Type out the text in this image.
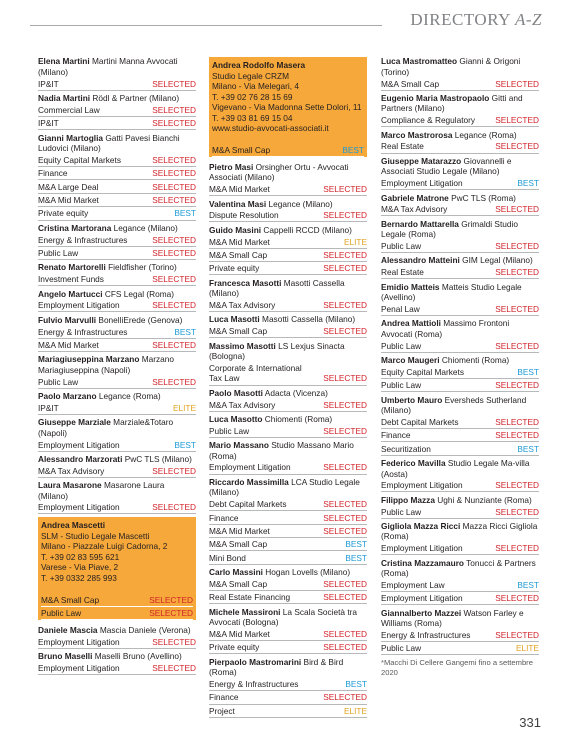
DIRECTORY A-Z
Elena Martini Martini Manna Avvocati (Milano)
IP&IT	SELECTED
Nadia Martini Rödl & Partner (Milano)
Commercial Law	SELECTED
IP&IT	SELECTED
Gianni Martoglia Gatti Pavesi Bianchi Ludovici (Milano)
Equity Capital Markets	SELECTED
Finance	SELECTED
M&A Large Deal	SELECTED
M&A Mid Market	SELECTED
Private equity	BEST
Cristina Martorana Legance (Milano)
Energy & Infrastructures	SELECTED
Public Law	SELECTED
Renato Martorelli Fieldfisher (Torino)
Investment Funds	SELECTED
Angelo Martucci CFS Legal (Roma)
Employment Litigation	SELECTED
Fulvio Marvulli BonelliErede (Genova)
Energy & Infrastructures	BEST
M&A Mid Market	SELECTED
Mariagiuseppina Marzano Marzano Mariagiuseppina (Napoli)
Public Law	SELECTED
Paolo Marzano Legance (Roma)
IP&IT	ELITE
Giuseppe Marziale Marziale&Totaro (Napoli)
Employment Litigation	BEST
Alessandro Marzorati PwC TLS (Milano)
M&A Tax Advisory	SELECTED
Laura Masarone Masarone Laura (Milano)
Employment Litigation	SELECTED
Andrea Mascetti
SLM - Studio Legale Mascetti
Milano - Piazzale Luigi Cadorna, 2
T. +39 02 83 595 621
Varese - Via Piave, 2
T. +39 0332 285 993
M&A Small Cap	SELECTED
Public Law	SELECTED
Daniele Mascia Mascia Daniele (Verona)
Employment Litigation	SELECTED
Bruno Maselli Maselli Bruno (Avellino)
Employment Litigation	SELECTED
Andrea Rodolfo Masera
Studio Legale CRZM
Milano - Via Melegari, 4
T. +39 02 76 28 15 69
Vigevano - Via Madonna Sette Dolori, 11
T. +39 03 81 69 15 04
www.studio-avvocati-associati.it
M&A Small Cap	BEST
Pietro Masi Orsingher Ortu - Avvocati Associati (Milano)
M&A Mid Market	SELECTED
Valentina Masi Legance (Milano)
Dispute Resolution	SELECTED
Guido Masini Cappelli RCCD (Milano)
M&A Mid Market	ELITE
M&A Small Cap	SELECTED
Private equity	SELECTED
Francesca Masotti Masotti Cassella (Milano)
M&A Tax Advisory	SELECTED
Luca Masotti Masotti Cassella (Milano)
M&A Small Cap	SELECTED
Massimo Masotti LS Lexjus Sinacta (Bologna)
Corporate & International Tax Law	SELECTED
Paolo Masotti Adacta (Vicenza)
M&A Tax Advisory	SELECTED
Luca Masotto Chiomenti (Roma)
Public Law	SELECTED
Mario Massano Studio Massano Mario (Roma)
Employment Litigation	SELECTED
Riccardo Massimilla LCA Studio Legale (Milano)
Debt Capital Markets	SELECTED
Finance	SELECTED
M&A Mid Market	SELECTED
M&A Small Cap	BEST
Mini Bond	BEST
Carlo Massini Hogan Lovells (Milano)
M&A Small Cap	SELECTED
Real Estate Financing	SELECTED
Michele Massironi La Scala Società tra Avvocati (Bologna)
M&A Mid Market	SELECTED
Private equity	SELECTED
Pierpaolo Mastromarini Bird & Bird (Roma)
Energy & Infrastructures	BEST
Finance	SELECTED
Project	ELITE
Luca Mastromatteo Gianni & Origoni (Torino)
M&A Small Cap	SELECTED
Eugenio Maria Mastropaolo Gitti and Partners (Milano)
Compliance & Regulatory	SELECTED
Marco Mastrorosa Legance (Roma)
Real Estate	SELECTED
Giuseppe Matarazzo Giovannelli e Associati Studio Legale (Milano)
Employment Litigation	BEST
Gabriele Matrone PwC TLS (Roma)
M&A Tax Advisory	SELECTED
Bernardo Mattarella Grimaldi Studio Legale (Roma)
Public Law	SELECTED
Alessandro Matteini GIM Legal (Milano)
Real Estate	SELECTED
Emidio Matteis Matteis Studio Legale (Avellino)
Penal Law	SELECTED
Andrea Mattioli Massimo Frontoni Avvocati (Roma)
Public Law	SELECTED
Marco Maugeri Chiomenti (Roma)
Equity Capital Markets	BEST
Public Law	SELECTED
Umberto Mauro Eversheds Sutherland (Milano)
Debt Capital Markets	SELECTED
Finance	SELECTED
Securitization	BEST
Federico Mavilla Studio Legale Ma-villa (Aosta)
Employment Litigation	SELECTED
Filippo Mazza Ughi & Nunziante (Roma)
Public Law	SELECTED
Gigliola Mazza Ricci Mazza Ricci Gigliola (Roma)
Employment Litigation	SELECTED
Cristina Mazzamauro Tonucci & Partners (Roma)
Employment Law	BEST
Employment Litigation	SELECTED
Giannalberto Mazzei Watson Farley e Williams (Roma)
Energy & Infrastructures	SELECTED
Public Law	ELITE
*Macchi Di Cellere Gangemi fino a settembre 2020
331
